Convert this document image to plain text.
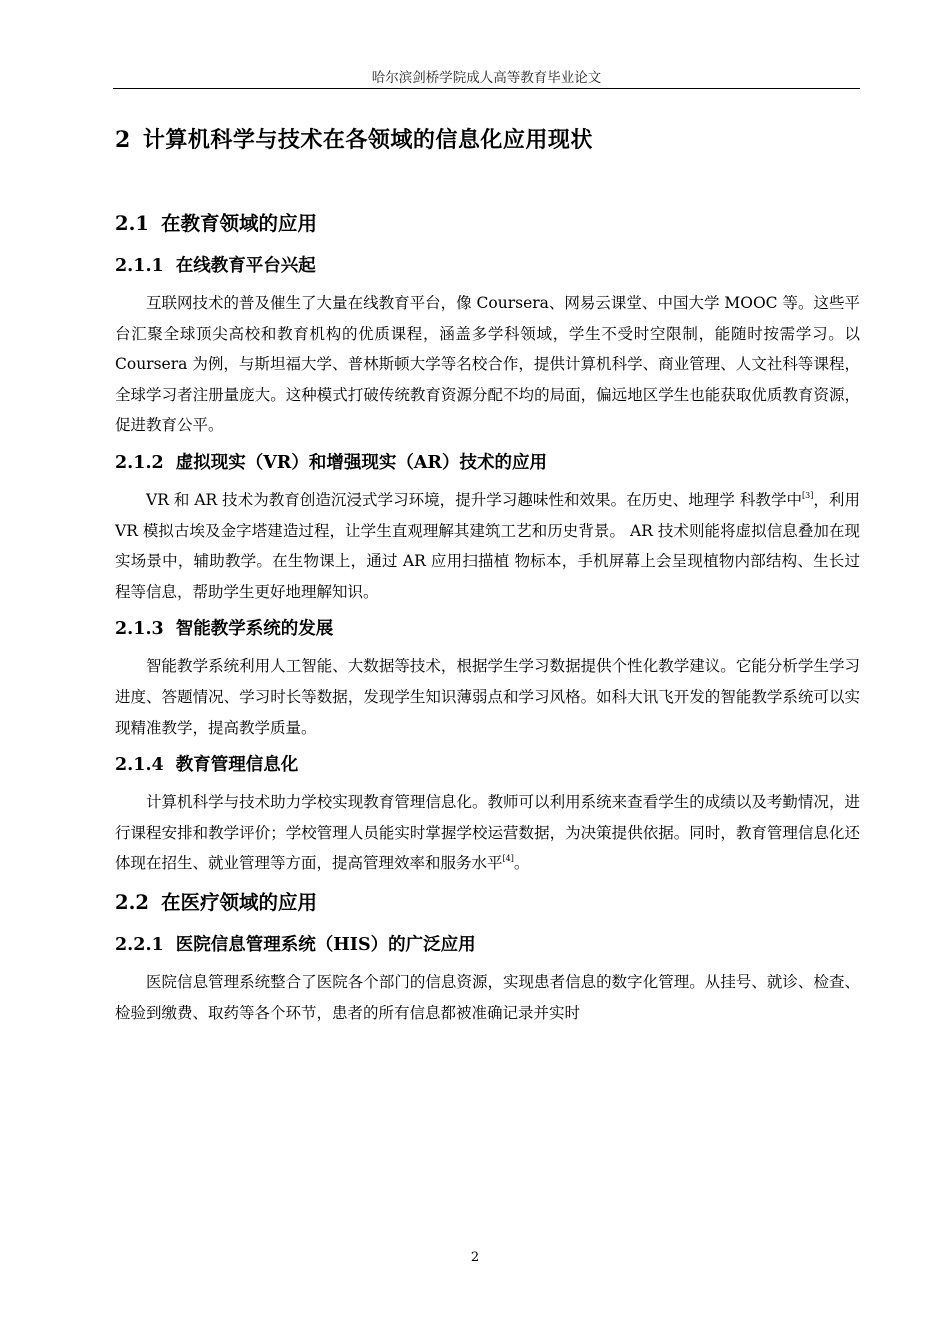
哈尔滨剑桥学院成人高等教育毕业论文
2 计算机科学与技术在各领域的信息化应用现状
2.1 在教育领域的应用
2.1.1 在线教育平台兴起

互联网技术的普及催生了大量在线教育平台，像 Coursera、网易云课堂、中国大学 MOOC 等。这些平台汇聚全球顶尖高校和教育机构的优质课程，涵盖多学科领域，学生不受时空限制，能随时按需学习。以 Coursera 为例，与斯坦福大学、普林斯顿大学等名校合作，提供计算机科学、商业管理、人文社科等课程，全球学习者注册量庞大。这种模式打破传统教育资源分配不均的局面，偏远地区学生也能获取优质教育资源，促进教育公平。

2.1.2 虚拟现实（VR）和增强现实（AR）技术的应用

VR 和 AR 技术为教育创造沉浸式学习环境，提升学习趣味性和效果。在历史、地理学 科教学中[3]，利用 VR 模拟古埃及金字塔建造过程，让学生直观理解其建筑工艺和历史背景。 AR 技术则能将虚拟信息叠加在现实场景中，辅助教学。在生物课上，通过 AR 应用扫描植 物标本，手机屏幕上会呈现植物内部结构、生长过程等信息，帮助学生更好地理解知识。

2.1.3 智能教学系统的发展

智能教学系统利用人工智能、大数据等技术，根据学生学习数据提供个性化教学建议。它能分析学生学习进度、答题情况、学习时长等数据，发现学生知识薄弱点和学习风格。如科大讯飞开发的智能教学系统可以实现精准教学，提高教学质量。

2.1.4 教育管理信息化

计算机科学与技术助力学校实现教育管理信息化。教师可以利用系统来查看学生的成绩以及考勤情况，进行课程安排和教学评价；学校管理人员能实时掌握学校运营数据，为决策提供依据。同时，教育管理信息化还体现在招生、就业管理等方面，提高管理效率和服务水平[4]。

2.2 在医疗领域的应用
2.2.1 医院信息管理系统（HIS）的广泛应用

医院信息管理系统整合了医院各个部门的信息资源，实现患者信息的数字化管理。从挂号、就诊、检查、检验到缴费、取药等各个环节，患者的所有信息都被准确记录并实时

2
